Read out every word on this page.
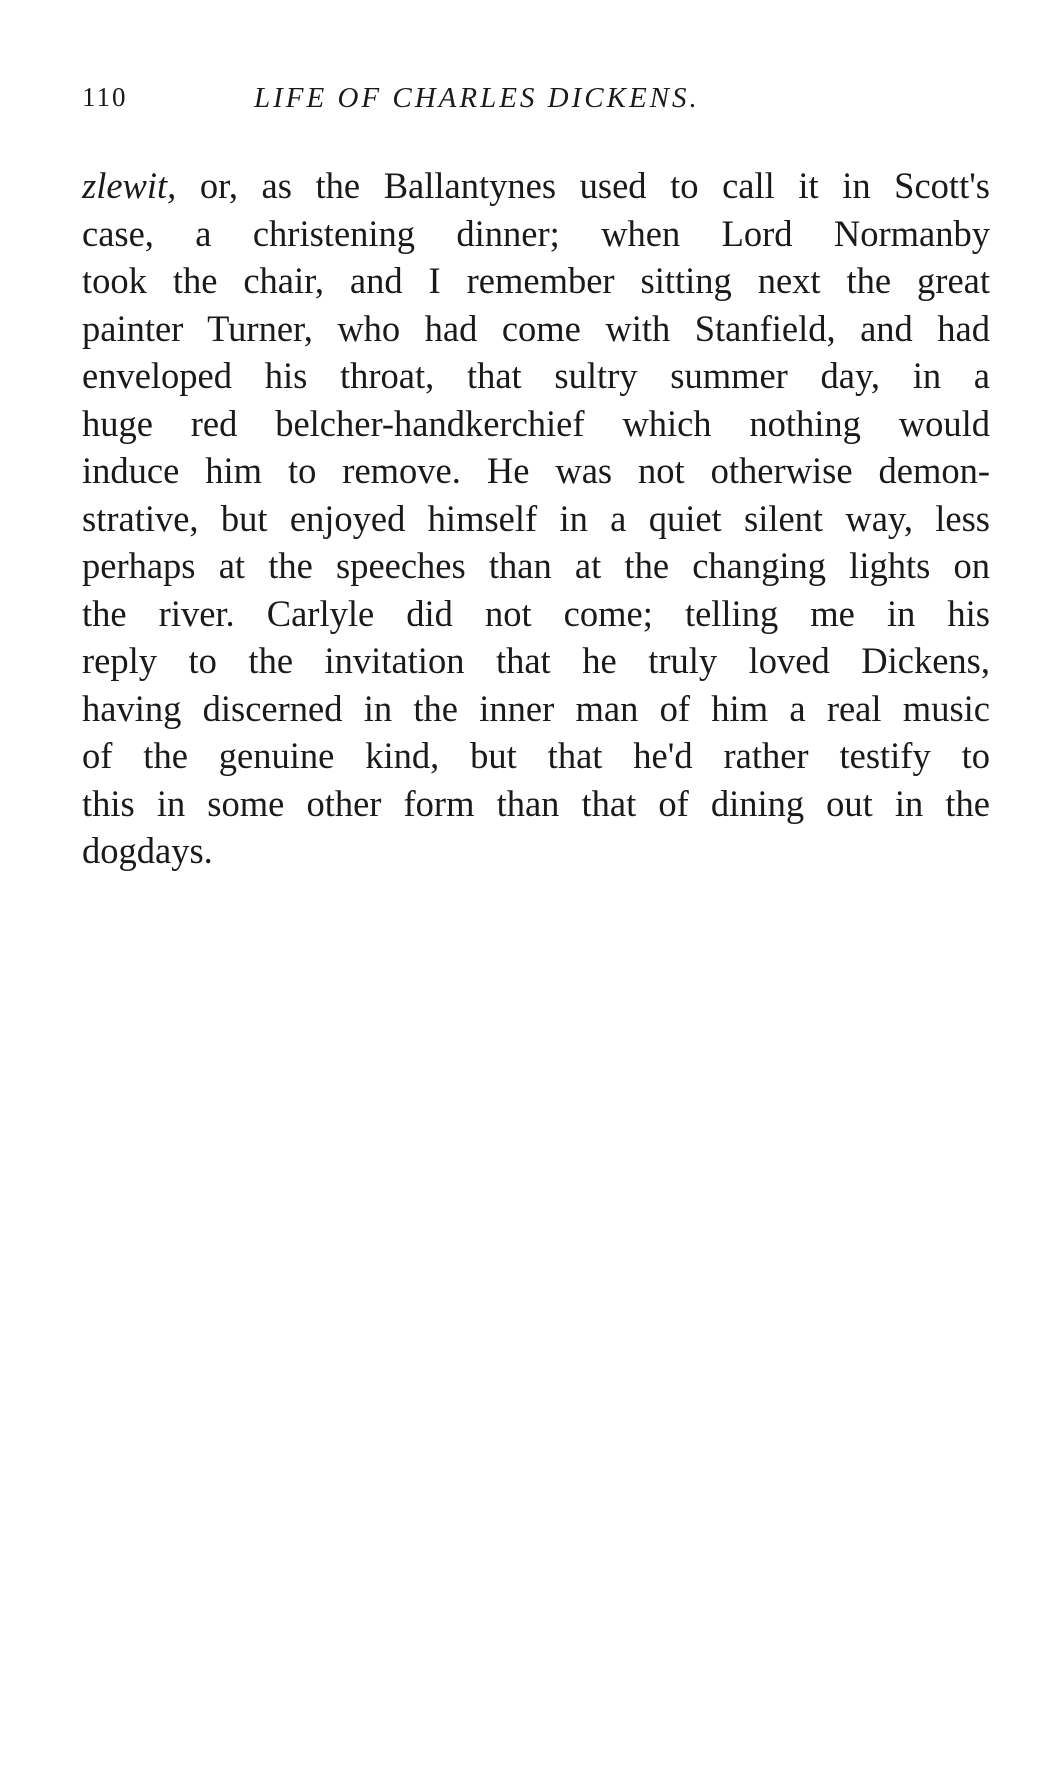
110	LIFE OF CHARLES DICKENS.
zlewit, or, as the Ballantynes used to call it in Scott's
case, a christening dinner; when Lord Normanby
took the chair, and I remember sitting next the great
painter Turner, who had come with Stanfield, and had
enveloped his throat, that sultry summer day, in a
huge red belcher-handkerchief which nothing would
induce him to remove. He was not otherwise demon-
strative, but enjoyed himself in a quiet silent way, less
perhaps at the speeches than at the changing lights on
the river. Carlyle did not come; telling me in his
reply to the invitation that he truly loved Dickens,
having discerned in the inner man of him a real music
of the genuine kind, but that he'd rather testify to
this in some other form than that of dining out in the
dogdays.
